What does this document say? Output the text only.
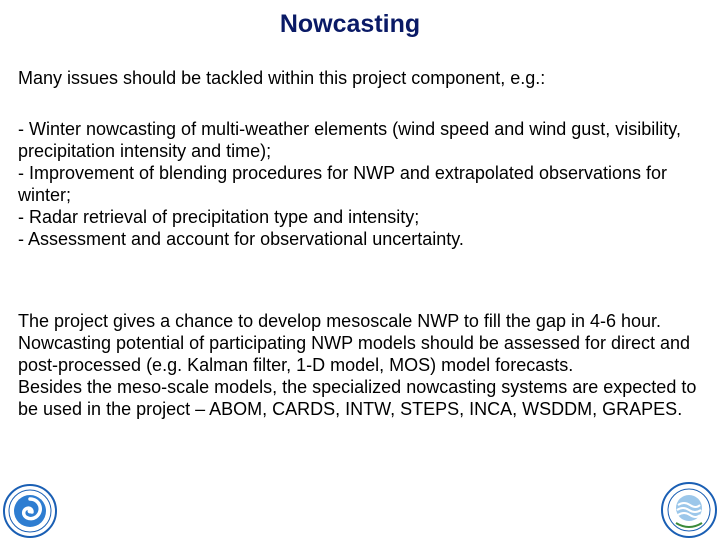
Nowcasting
Many issues should be tackled within this project component, e.g.:
- Winter nowcasting of multi-weather elements (wind speed and wind gust, visibility, precipitation intensity and time);
- Improvement of blending procedures for NWP and extrapolated observations for winter;
- Radar retrieval of precipitation type and intensity;
- Assessment and account for observational uncertainty.
The project gives a chance to develop mesoscale NWP to fill the gap in 4-6 hour. Nowcasting potential of participating NWP models should be assessed for direct and post-processed (e.g. Kalman filter, 1-D model, MOS) model forecasts.
Besides the meso-scale models, the specialized nowcasting systems are expected to be used in the project – ABOM, CARDS, INTW, STEPS, INCA, WSDDM, GRAPES.
